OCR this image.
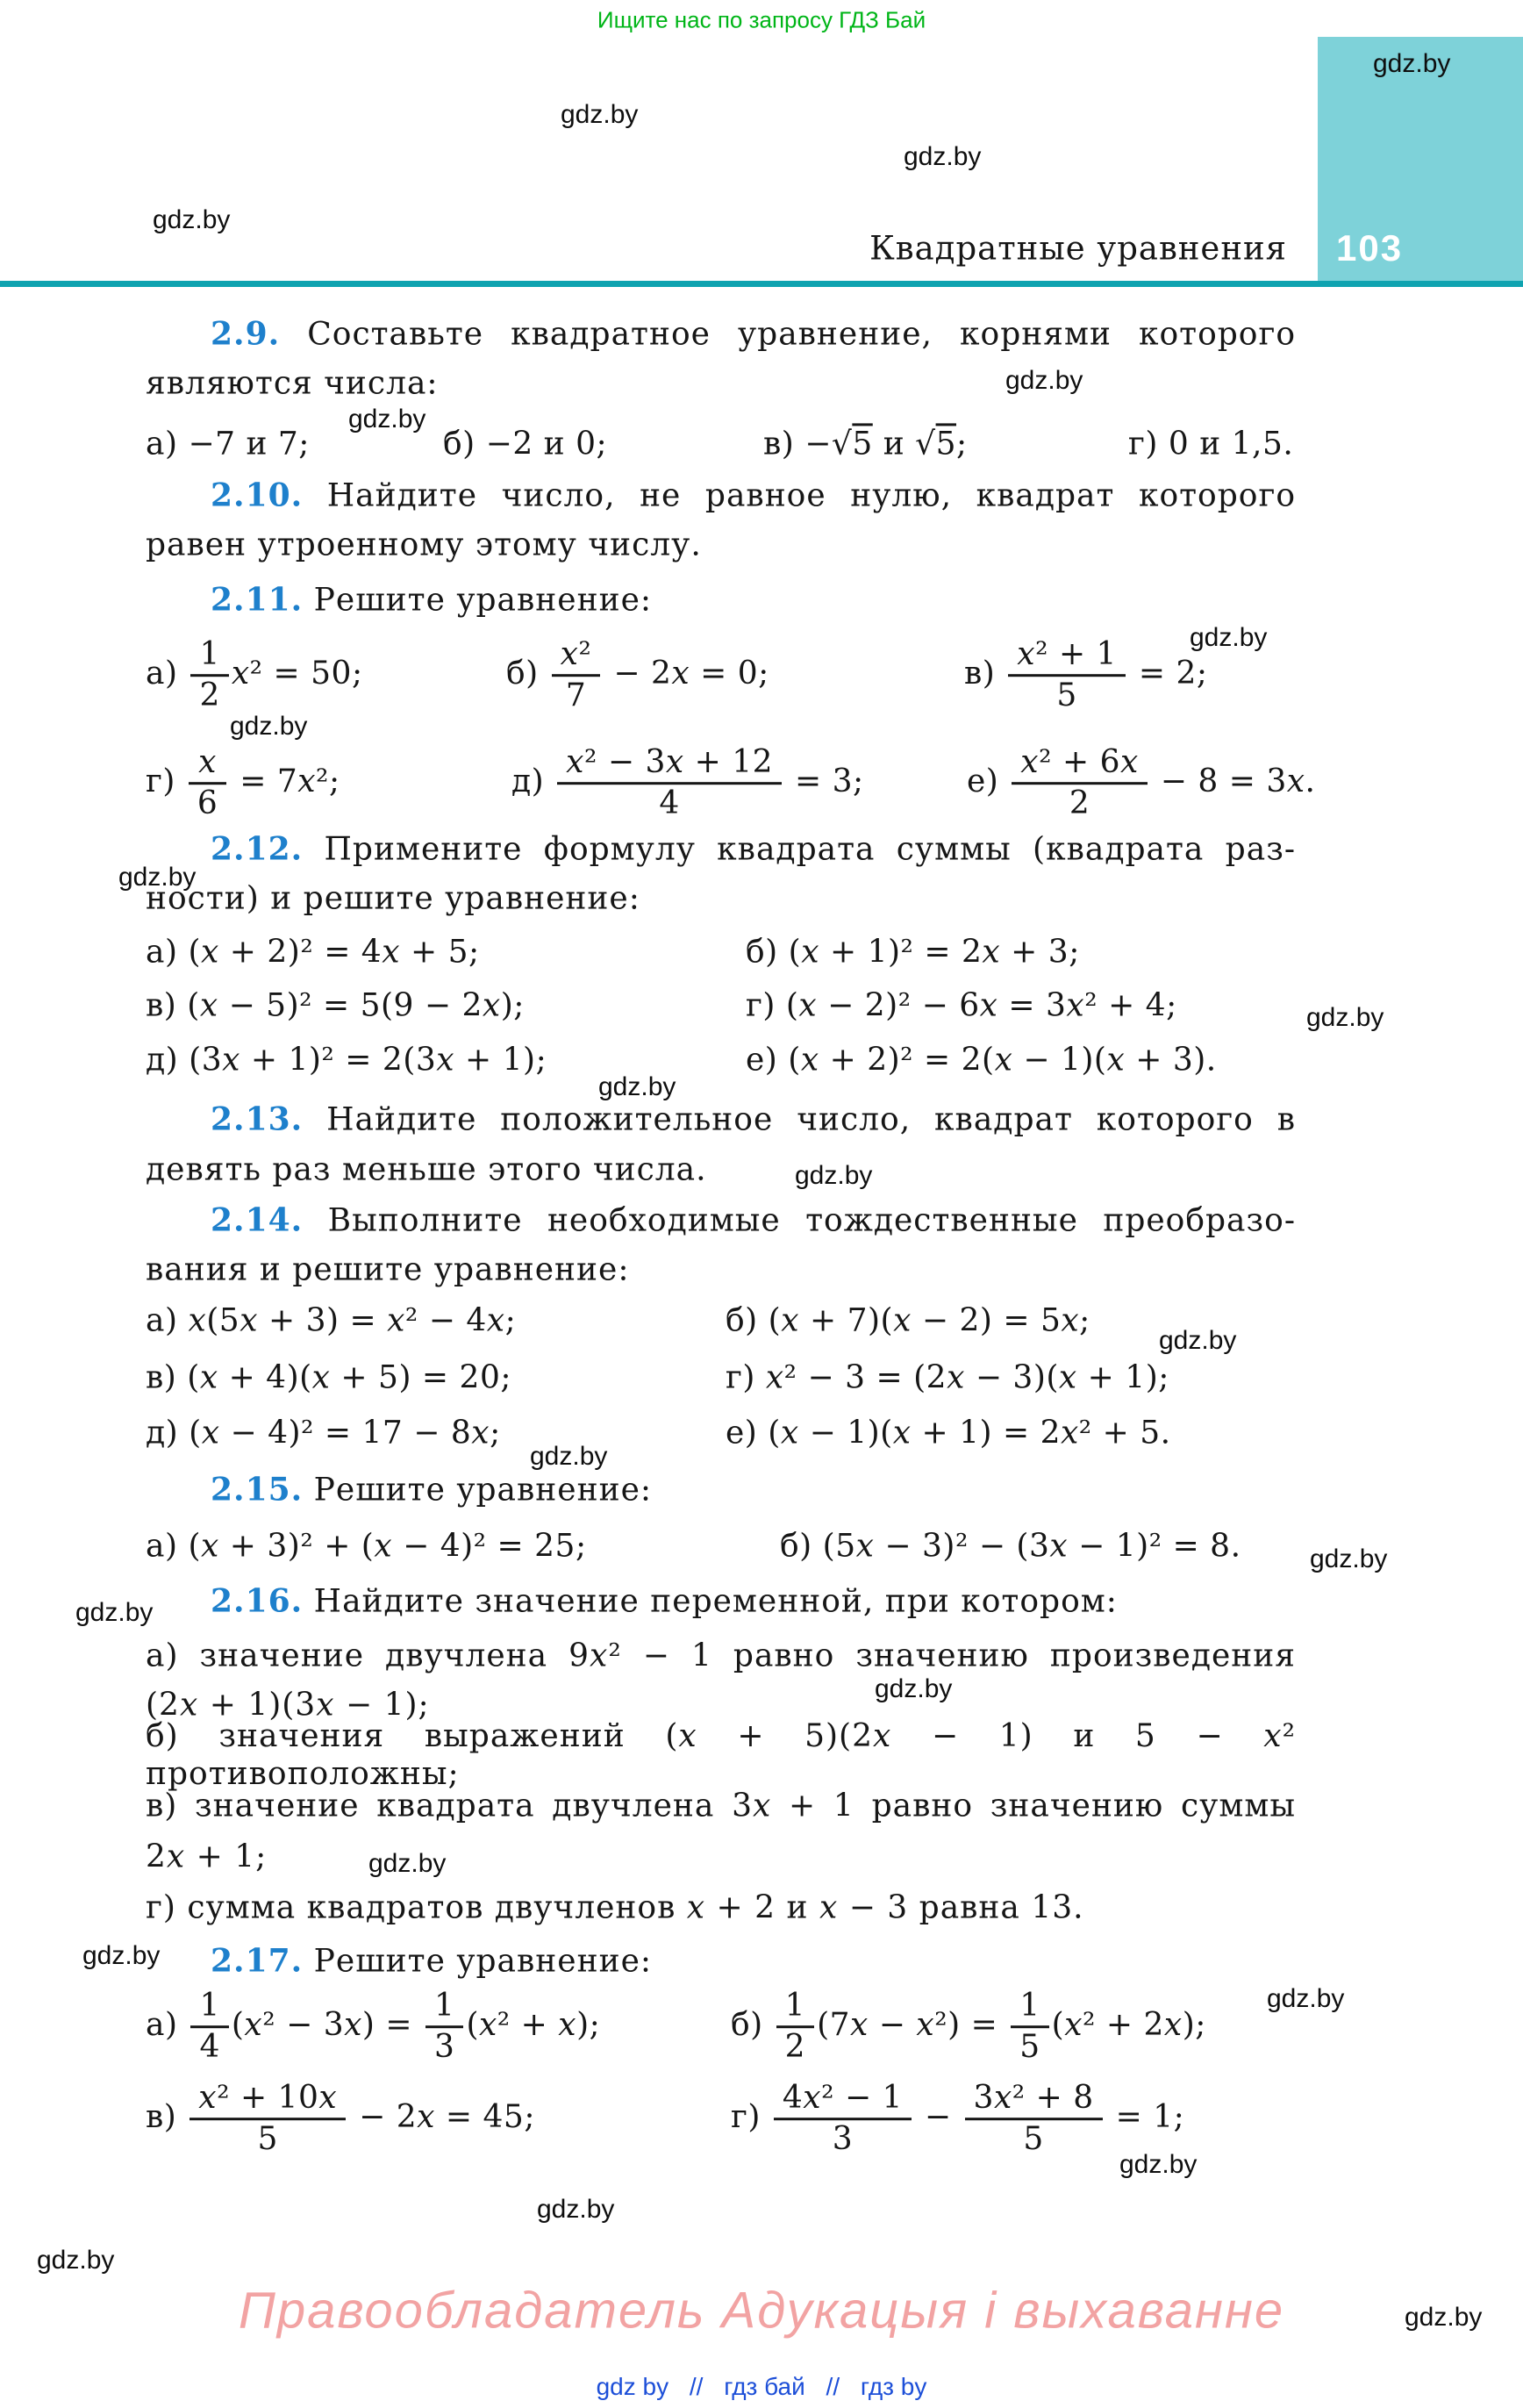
Ищите нас по запросу ГДЗ Бай
gdz.by
103
Квадратные уравнения
2.9. Составьте квадратное уравнение, корнями которого
являются числа:
2.10. Найдите число, не равное нулю, квадрат которого
равен утроенному этому числу.
2.11. Решите уравнение:
2.12. Примените формулу квадрата суммы (квадрата раз-
ности) и решите уравнение:
2.13. Найдите положительное число, квадрат которого в
девять раз меньше этого числа.
2.14. Выполните необходимые тождественные преобразо-
вания и решите уравнение:
2.15. Решите уравнение:
2.16. Найдите значение переменной, при котором:
а) значение двучлена 9x² − 1 равно значению произведения
(2x + 1)(3x − 1);
б) значения выражений (x + 5)(2x − 1) и 5 − x² противоположны;
в) значение квадрата двучлена 3x + 1 равно значению суммы
2x + 1;
г) сумма квадратов двучленов x + 2 и x − 3 равна 13.
2.17. Решите уравнение:
а) −7 и 7;	б) −2 и 0;	в) −√5 и √5;	г) 0 и 1,5.
$а) \frac{1}{2} x^2 = 50$;	$б) \frac{\text{x²}}{7} - 2x = 0$;	$в) \frac{\text{x² + 1}}{5} = 2$;
$г) \frac{x}{6} = 7x^2$;	$д) \frac{\text{x² − 3x + 12}}{4} = 3$;	$е) \frac{\text{x² + 6x}}{2} - 8 = 3x$.
а) (x + 2)² = 4x + 5;	б) (x + 1)² = 2x + 3;
в) (x − 5)² = 5(9 − 2x);	г) (x − 2)² − 6x = 3x² + 4;
д) (3x + 1)² = 2(3x + 1);	е) (x + 2)² = 2(x − 1)(x + 3).
а) x(5x + 3) = x² − 4x;	б) (x + 7)(x − 2) = 5x;
в) (x + 4)(x + 5) = 20;	г) x² − 3 = (2x − 3)(x + 1);
д) (x − 4)² = 17 − 8x;	е) (x − 1)(x + 1) = 2x² + 5.
а) (x + 3)² + (x − 4)² = 25;	б) (5x − 3)² − (3x − 1)² = 8.
$а) \frac{1}{4} (x^2 - 3x) = \frac{1}{3} (x^2 + x)$;	$б) \frac{1}{2} (7x - x^2) = \frac{1}{5} (x^2 + 2x)$;
$в) \frac{\text{x² + 10x}}{5} - 2x = 45$;	$г) \frac{\text{4x² − 1}}{3} - \frac{\text{3x² + 8}}{5} = 1$;
gdz.by
gdz.by
gdz.by
gdz.by
gdz.by
gdz.by
gdz.by
gdz.by
gdz.by
gdz.by
gdz.by
gdz.by
gdz.by
gdz.by
gdz.by
gdz.by
gdz.by
gdz.by
gdz.by
gdz.by
gdz.by
gdz.by
gdz.by
Правообладатель Адукацыя і выхаванне
gdz by // гдз бай // гдз by
